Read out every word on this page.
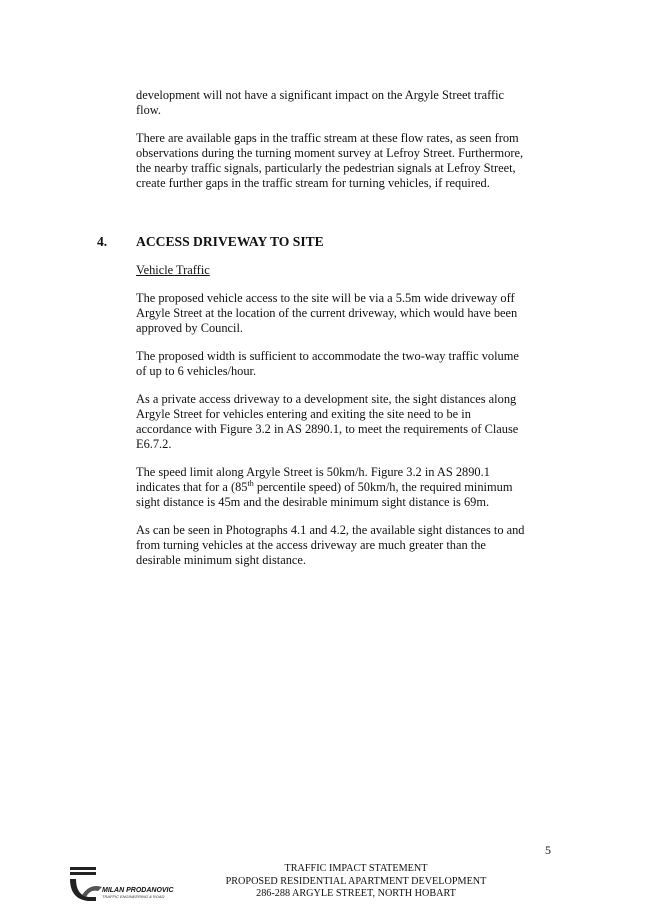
development will not have a significant impact on the Argyle Street traffic
flow.

There are available gaps in the traffic stream at these flow rates, as seen from
observations during the turning moment survey at Lefroy Street. Furthermore,
the nearby traffic signals, particularly the pedestrian signals at Lefroy Street,
create further gaps in the traffic stream for turning vehicles, if required.

4. ACCESS DRIVEWAY TO SITE
Vehicle Traffic

The proposed vehicle access to the site will be via a 5.5m wide driveway off
Argyle Street at the location of the current driveway, which would have been
approved by Council.

The proposed width is sufficient to accommodate the two-way traffic volume
of up to 6 vehicles/hour.

As a private access driveway to a development site, the sight distances along
Argyle Street for vehicles entering and exiting the site need to be in
accordance with Figure 3.2 in AS 2890.1, to meet the requirements of Clause
E6.7.2.

The speed limit along Argyle Street is 50km/h. Figure 3.2 in AS 2890.1
indicates that for a (85th percentile speed) of 50km/h, the required minimum
sight distance is 45m and the desirable minimum sight distance is 69m.

As can be seen in Photographs 4.1 and 4.2, the available sight distances to and
from turning vehicles at the access driveway are much greater than the
desirable minimum sight distance.

5
MILAN PRODANOVIC
TRAFFIC ENGINEERING & ROAD
TRAFFIC IMPACT STATEMENT
PROPOSED RESIDENTIAL APARTMENT DEVELOPMENT
286-288 ARGYLE STREET, NORTH HOBART
